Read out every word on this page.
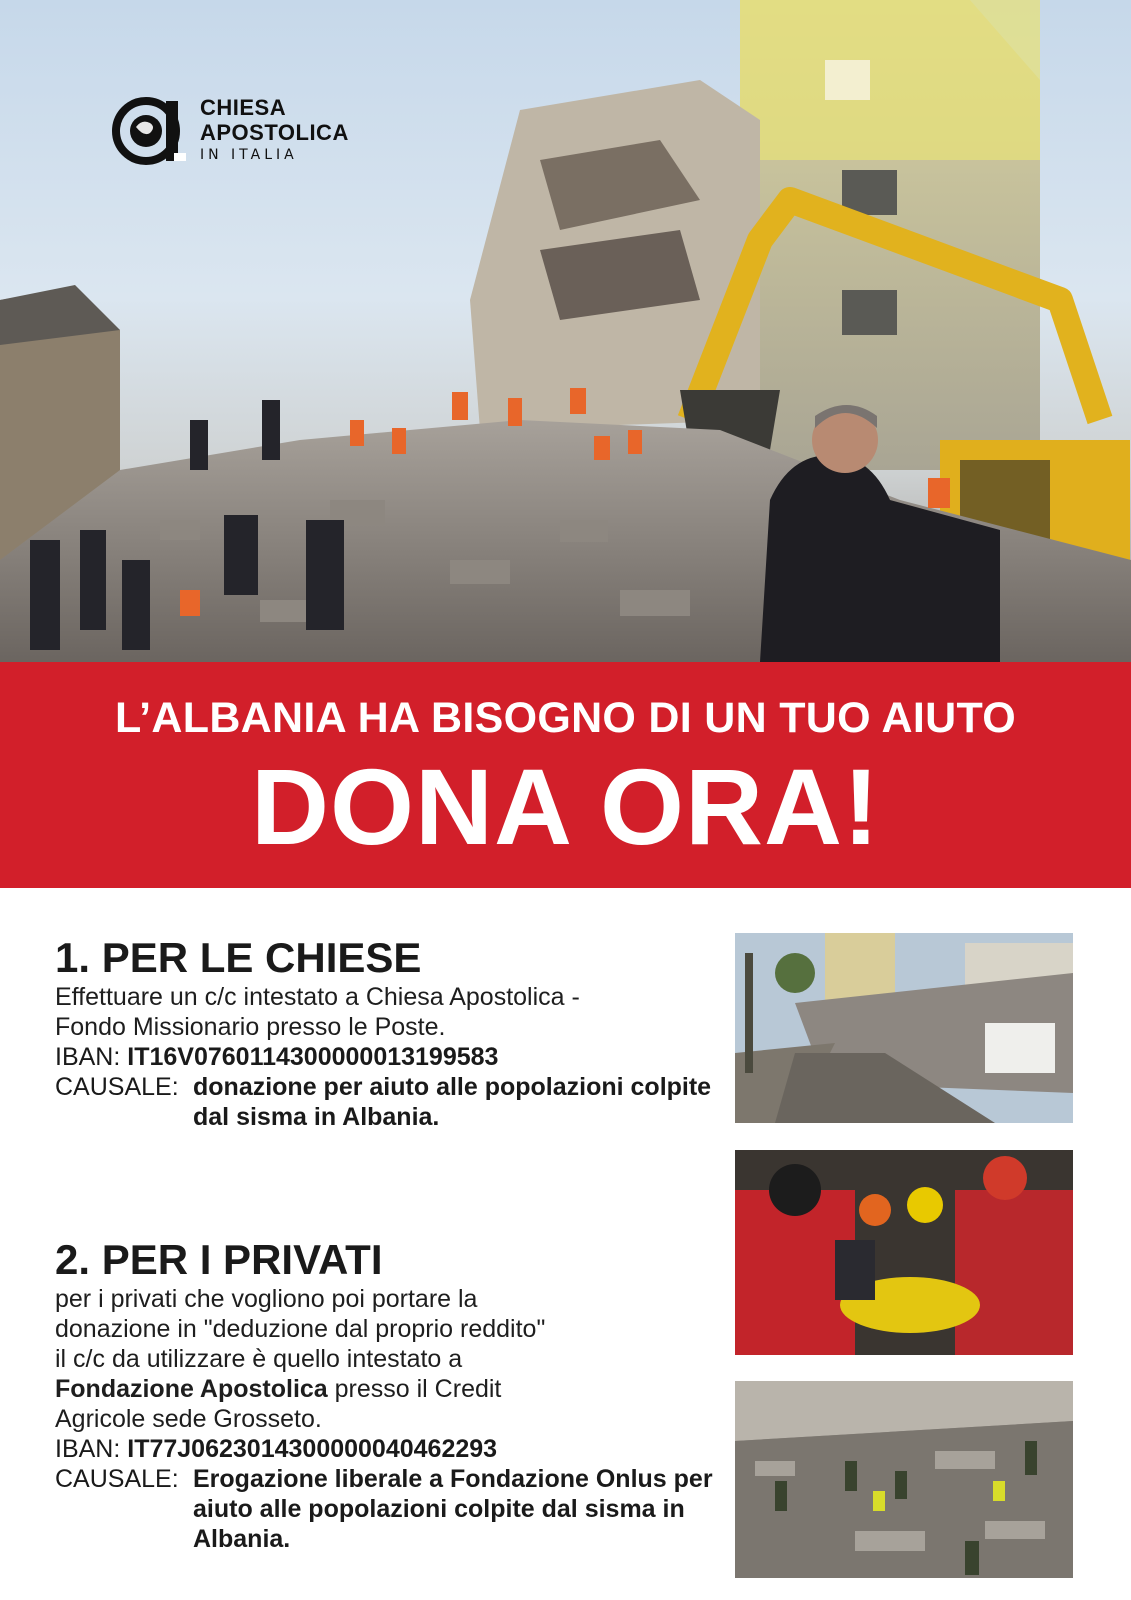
CHIESA
APOSTOLICA
IN ITALIA
L’ALBANIA HA BISOGNO DI UN TUO AIUTO
DONA ORA!
1. PER LE CHIESE
Effettuare un c/c intestato a Chiesa Apostolica -
Fondo Missionario presso le Poste.
IBAN: IT16V0760114300000013199583
CAUSALE: donazione per aiuto alle popolazioni colpite dal sisma in Albania.
2. PER I PRIVATI
per i privati che vogliono poi portare la
donazione in "deduzione dal proprio reddito"
il c/c da utilizzare è quello intestato a
Fondazione Apostolica presso il Credit
Agricole sede Grosseto.
IBAN: IT77J0623014300000040462293
CAUSALE: Erogazione liberale a Fondazione Onlus per aiuto alle popolazioni colpite dal sisma in Albania.
